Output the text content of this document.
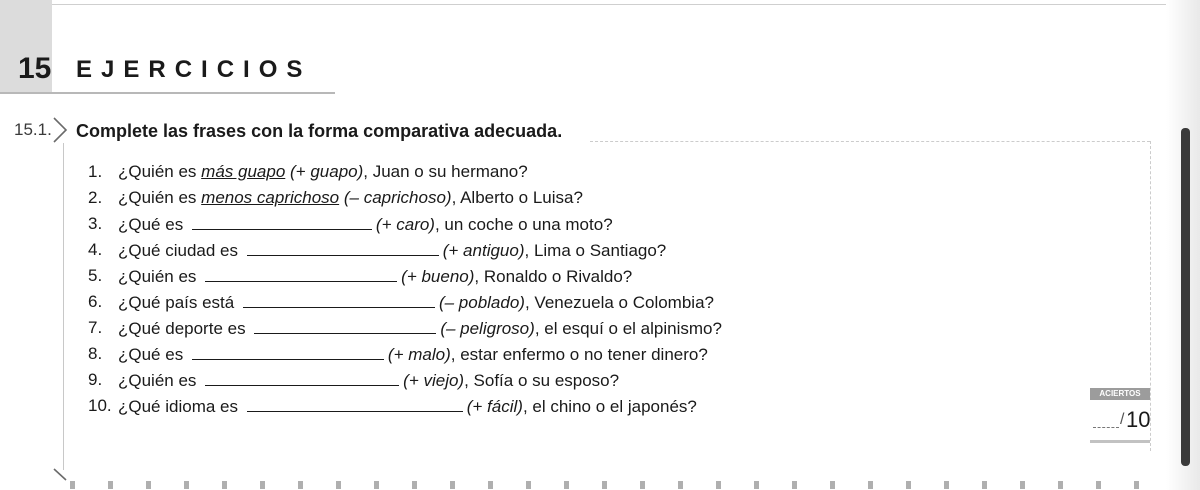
15 EJERCICIOS
15.1. Complete las frases con la forma comparativa adecuada.
1. ¿Quién es más guapo (+ guapo), Juan o su hermano?
2. ¿Quién es menos caprichoso (– caprichoso), Alberto o Luisa?
3. ¿Qué es	(+ caro), un coche o una moto?
4. ¿Qué ciudad es	(+ antiguo), Lima o Santiago?
5. ¿Quién es	(+ bueno), Ronaldo o Rivaldo?
6. ¿Qué país está	(– poblado), Venezuela o Colombia?
7. ¿Qué deporte es	(– peligroso), el esquí o el alpinismo?
8. ¿Qué es	(+ malo), estar enfermo o no tener dinero?
9. ¿Quién es	(+ viejo), Sofía o su esposo?
10. ¿Qué idioma es	(+ fácil), el chino o el japonés?
ACIERTOS
/ 10
